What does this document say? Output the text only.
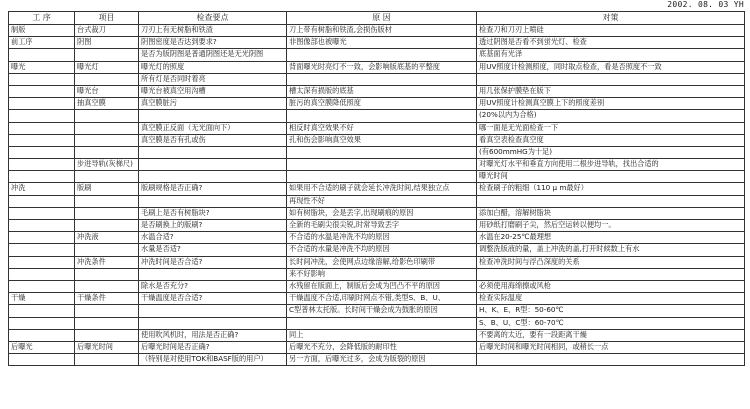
2002. 08. 03 YH
工 序	项目	检查要点	原 因	对策
制版	台式裁刀	刀刃上有无树脂和铁渣	刀上带有树脂和铁渣,会损伤版材	检查刀和刀刃上喷硅
前工序	阴图	阴图密度是否达到要求?	非图像部也被曝光	透过阴图是否看不到蛍光灯、检查
		是否为版阴图是普通阴图还是无光阴图		底基面有光泽
曝光	曝光灯	曝光灯的照度	背面曝光时亮灯不一致，会影响版底基的平整度	用UV照度计检测照度，同时取点检查，看是否照度不一致
		所有灯是否同时着亮		
	曝光台	曝光台被真空用沟槽	槽太深有损版的底基	用几张保护膜垫在版下
	抽真空膜	真空膜脏污	脏污的真空膜降低照度	用UV照度计检测真空膜上下的照度差别
				(20%以内为合格)
		真空膜正反面（无光面向下）	相反时真空效果不好	哪一面是无光面检查一下
		真空膜是否有孔或伤	孔和伤会影响真空效果	看真空表检查真空度
				(有600mmHG为十足)
	步进导轨(灰梯尺)			对曝光灯水平和垂直方向使用二根步进导轨，找出合适的
				曝光时间
冲洗	版刷	版刷规格是否正确?	如果用不合适的刷子就会延长冲洗时间,结果独立点	检查刷子的粗细（110 μ m最好）
			再现性不好	
		毛刷上是否有树脂块?	如有树脂块，会是丢字,出现刷痕的原因	添加白醋，溶解树脂块
		是否刷换上的版刷?	全新的毛刷尖很尖锐,时常导致丢字	用砂纸打磨刷子尖，然后空运转以便均一。
	冲洗液	水温合适?	不合适的水温是冲洗不均的原因	水温在20-25℃最理想
		水量是否适?	不合适的水量是冲洗不均的原因	调整洗版液的量，盖上冲洗的盖,打开时候数上有水
	冲洗条件	冲洗时间是否合适?	长时间冲洗，会使网点边缘溶解,给影色印刷带	检查冲洗时间与浮凸深度的关系
			来不好影响	
		除水是否充分?	水残留在版面上，制版后会成为凹凸不平的原因	必须使用海绵擦或风枪
干燥	干燥条件	干燥温度是否合适?	干燥温度不合适,印刷时网点不错,类型S、B、U、	检查实际温度
			C型普林太托版。长时间干燥会成为鼓胀的原因	H、K、E、R型：50-60℃
				S、B、U、C型：60-70℃
		使用吹风机时，用法是否正确?	同上	不要离的太近，要有一段距离干燥
后曝光	后曝光时间	后曝光时间是否正确?	后曝光不充分，会降低版的耐印性	后曝光时间和曝光时间相同，或稍长一点
		（特别是对使用TOK和BASF版的用户）	另一方面，后曝光过多，会成为版裂的原因	
